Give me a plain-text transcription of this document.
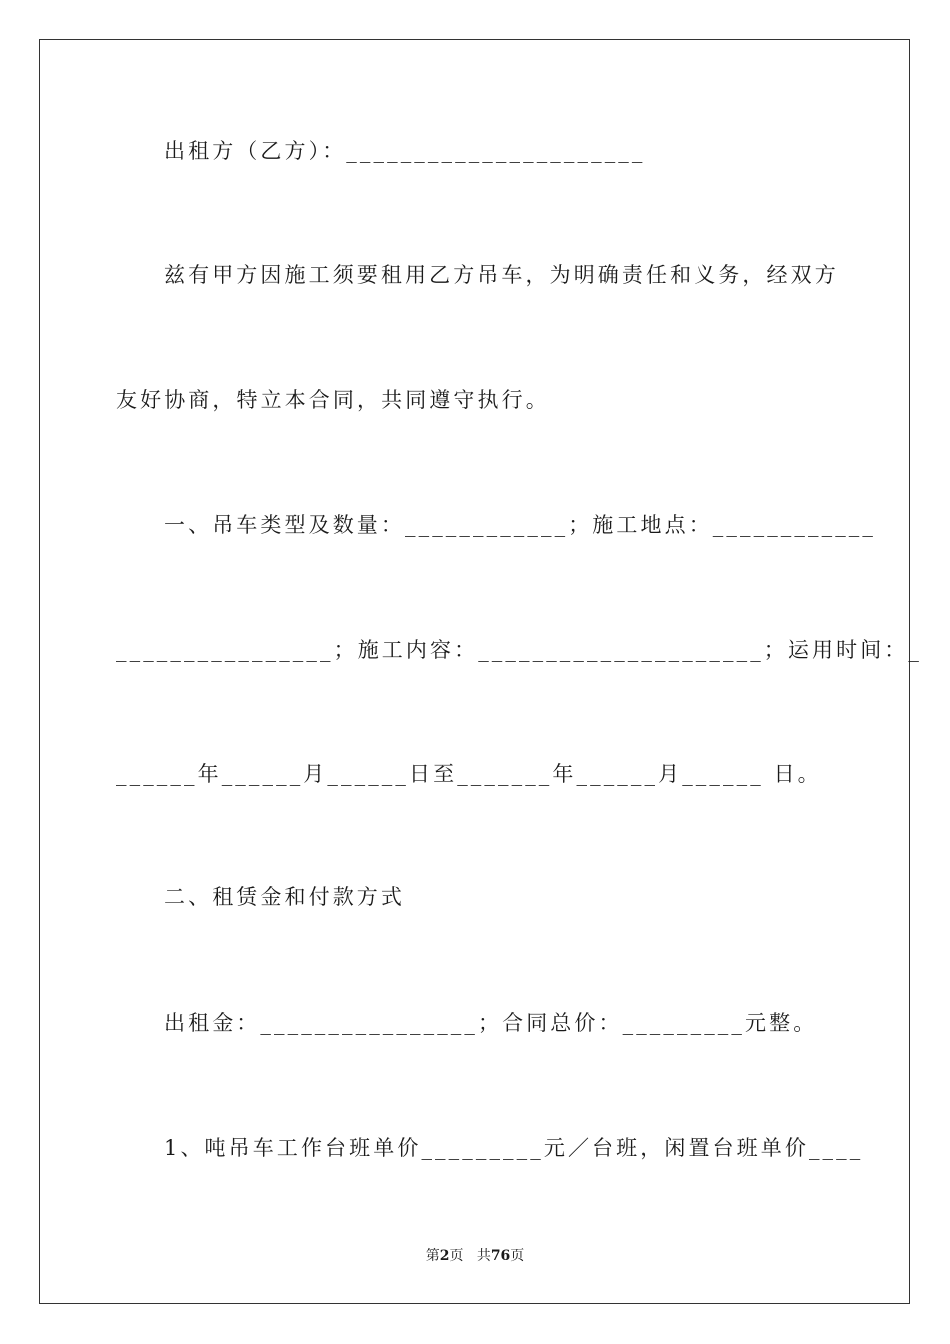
出租方（乙方）：______________________
兹有甲方因施工须要租用乙方吊车，为明确责任和义务，经双方
友好协商，特立本合同，共同遵守执行。
一、吊车类型及数量：____________；施工地点：____________
________________；施工内容：_____________________；运用时间：_
______年______月______日至_______年______月______ 日。
二、租赁金和付款方式
出租金：________________；合同总价：_________元整。
1、吨吊车工作台班单价_________元／台班，闲置台班单价____
第2页 共76页
